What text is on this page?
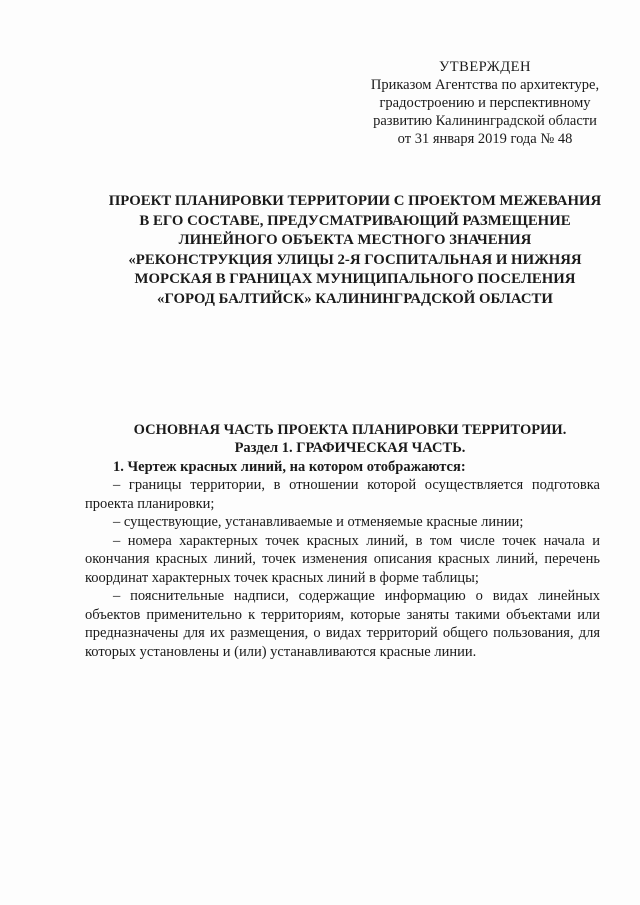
УТВЕРЖДЕН
Приказом Агентства по архитектуре,
градостроению и перспективному
развитию Калининградской области
от 31 января 2019 года № 48
ПРОЕКТ ПЛАНИРОВКИ ТЕРРИТОРИИ С ПРОЕКТОМ МЕЖЕВАНИЯ
В ЕГО СОСТАВЕ, ПРЕДУСМАТРИВАЮЩИЙ РАЗМЕЩЕНИЕ
ЛИНЕЙНОГО ОБЪЕКТА МЕСТНОГО ЗНАЧЕНИЯ
«РЕКОНСТРУКЦИЯ УЛИЦЫ 2-Я ГОСПИТАЛЬНАЯ И НИЖНЯЯ
МОРСКАЯ В ГРАНИЦАХ МУНИЦИПАЛЬНОГО ПОСЕЛЕНИЯ
«ГОРОД БАЛТИЙСК» КАЛИНИНГРАДСКОЙ ОБЛАСТИ
ОСНОВНАЯ ЧАСТЬ ПРОЕКТА ПЛАНИРОВКИ ТЕРРИТОРИИ.
Раздел 1. ГРАФИЧЕСКАЯ ЧАСТЬ.
1. Чертеж красных линий, на котором отображаются:

– границы территории, в отношении которой осуществляется подготовка проекта планировки;

– существующие, устанавливаемые и отменяемые красные линии;

– номера характерных точек красных линий, в том числе точек начала и окончания красных линий, точек изменения описания красных линий, перечень координат характерных точек красных линий в форме таблицы;

– пояснительные надписи, содержащие информацию о видах линейных объектов применительно к территориям, которые заняты такими объектами или предназначены для их размещения, о видах территорий общего пользования, для которых установлены и (или) устанавливаются красные линии.
